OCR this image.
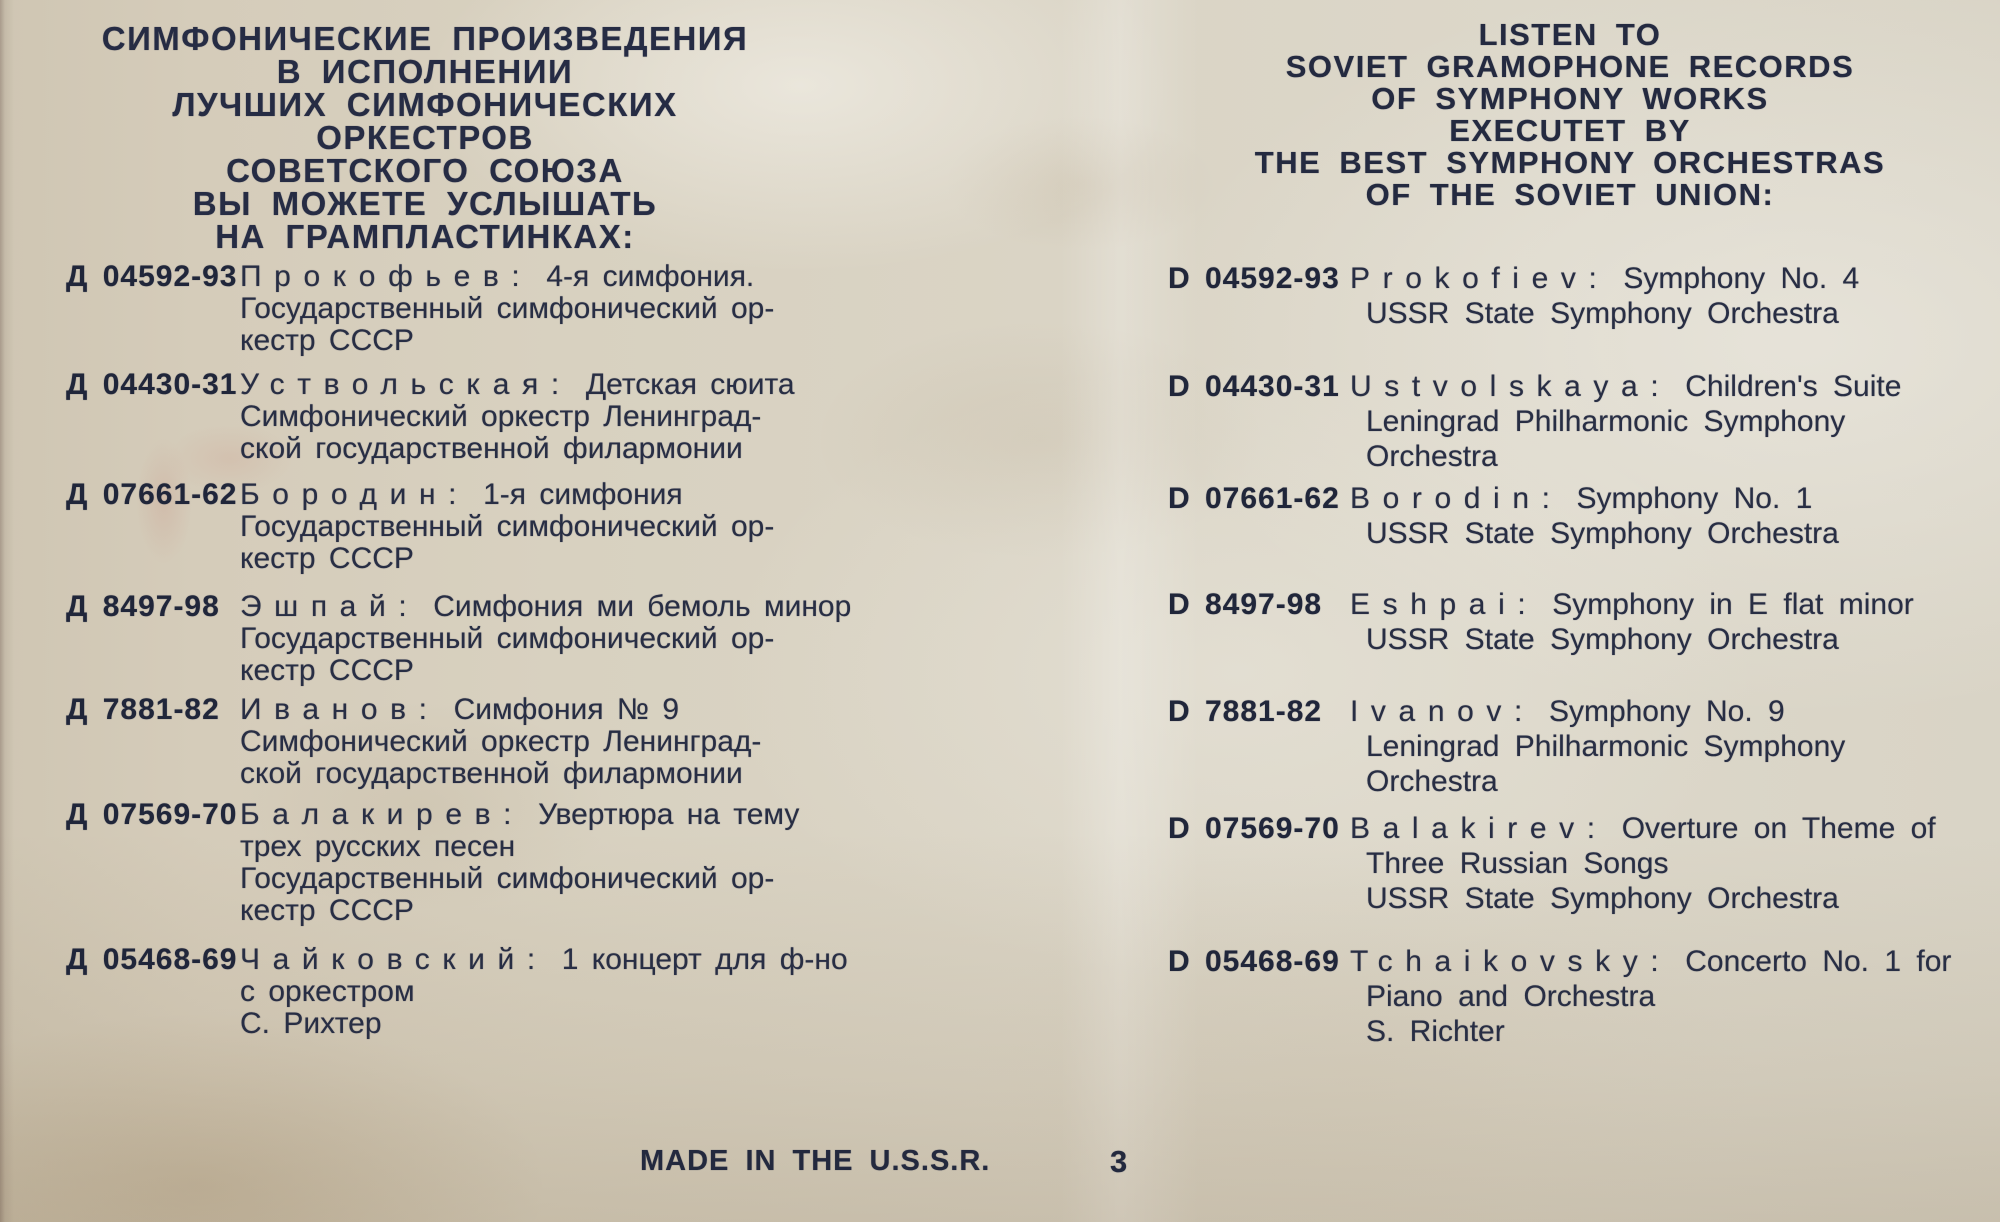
СИМФОНИЧЕСКИЕ ПРОИЗВЕДЕНИЯ
В ИСПОЛНЕНИИ
ЛУЧШИХ СИМФОНИЧЕСКИХ ОРКЕСТРОВ
СОВЕТСКОГО СОЮЗА
ВЫ МОЖЕТЕ УСЛЫШАТЬ
НА ГРАМПЛАСТИНКАХ:
LISTEN TO
SOVIET GRAMOPHONE RECORDS
OF SYMPHONY WORKS
EXECUTET BY
THE BEST SYMPHONY ORCHESTRAS
OF THE SOVIET UNION:
Д 04592-93 Прокофьев: 4-я симфония.
Государственный симфонический ор-
кестр СССР
Д 04430-31 Уствольская: Детская сюита
Симфонический оркестр Ленинград-
ской государственной филармонии
Д 07661-62 Бородин: 1-я симфония
Государственный симфонический ор-
кестр СССР
Д 8497-98 Эшпай: Симфония ми бемоль минор
Государственный симфонический ор-
кестр СССР
Д 7881-82 Иванов: Симфония № 9
Симфонический оркестр Ленинград-
ской государственной филармонии
Д 07569-70 Балакирев: Увертюра на тему
трех русских песен
Государственный симфонический ор-
кестр СССР
Д 05468-69 Чайковский: 1 концерт для ф-но
с оркестром
С. Рихтер
D 04592-93 Prokofiev: Symphony No. 4
USSR State Symphony Orchestra
D 04430-31 Ustvolskaya: Children's Suite
Leningrad Philharmonic Symphony
Orchestra
D 07661-62 Borodin: Symphony No. 1
USSR State Symphony Orchestra
D 8497-98 Eshpai: Symphony in E flat minor
USSR State Symphony Orchestra
D 7881-82 Ivanov: Symphony No. 9
Leningrad Philharmonic Symphony
Orchestra
D 07569-70 Balakirev: Overture on Theme of
Three Russian Songs
USSR State Symphony Orchestra
D 05468-69 Tchaikovsky: Concerto No. 1 for
Piano and Orchestra
S. Richter
MADE IN THE U.S.S.R.	3
